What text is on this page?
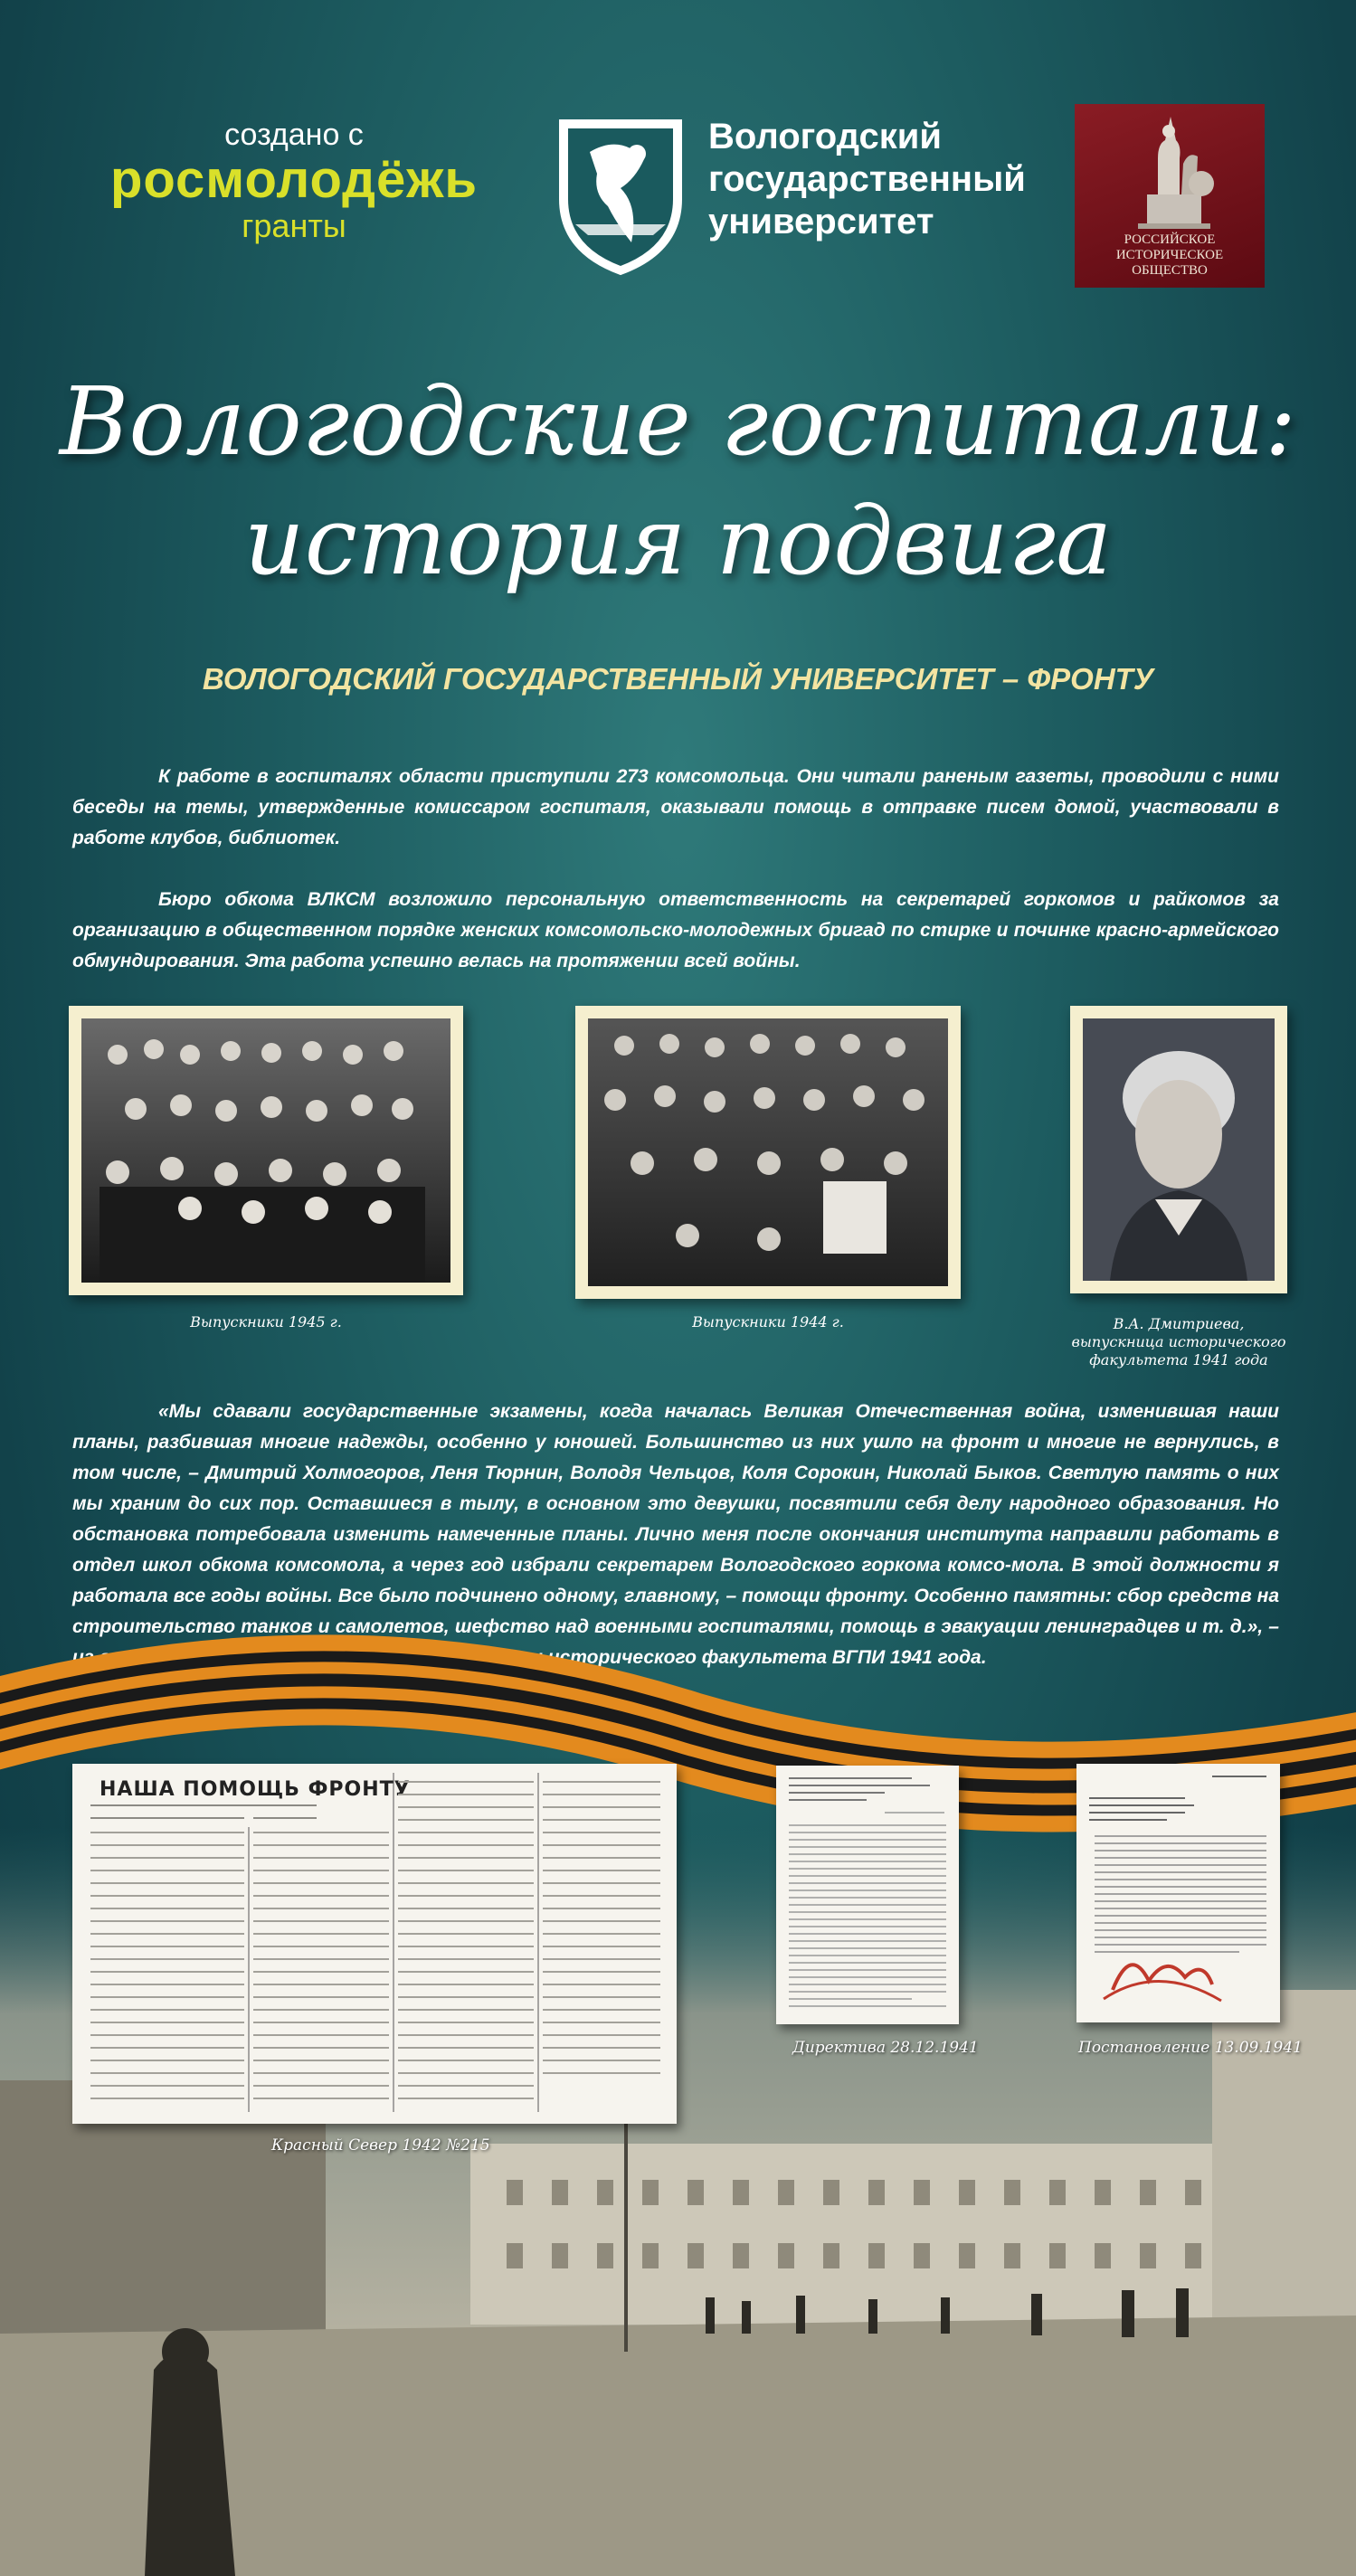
создано с
росмолодёжь
гранты
Вологодский
государственный
университет	РОССИЙСКОЕ
ИСТОРИЧЕСКОЕ
ОБЩЕСТВО
Вологодские госпитали:
история подвига
ВОЛОГОДСКИЙ ГОСУДАРСТВЕННЫЙ УНИВЕРСИТЕТ – ФРОНТУ

К работе в госпиталях области приступили 273 комсомольца. Они читали раненым газеты, проводили с ними беседы на темы, утвержденные комиссаром госпиталя, оказывали помощь в отправке писем домой, участвовали в работе клубов, библиотек.

Бюро обкома ВЛКСМ возложило персональную ответственность на секретарей горкомов и райкомов за организацию в общественном порядке женских комсомольско-молодежных бригад по стирке и починке красно-армейского обмундирования. Эта работа успешно велась на протяжении всей войны.

Выпускники 1945 г.	Выпускники 1944 г.	В.А. Дмитриева,
выпускница исторического
факультета 1941 года

«Мы сдавали государственные экзамены, когда началась Великая Отечественная война, изменившая наши планы, разбившая многие надежды, особенно у юношей. Большинство из них ушло на фронт и многие не вернулись, в том числе, – Дмитрий Холмогоров, Леня Тюрнин, Володя Чельцов, Коля Сорокин, Николай Быков. Светлую память о них мы храним до сих пор. Оставшиеся в тылу, в основном это девушки, посвятили себя делу народного образования. Но обстановка потребовала изменить намеченные планы. Лично меня после окончания института направили работать в отдел школ обкома комсомола, а через год избрали секретарем Вологодского горкома комсо-мола. В этой должности я работала все годы войны. Все было подчинено одному, главному, – помощи фронту. Особенно памятны: сбор средств на строительство танков и самолетов, шефство над военными госпиталями, помощь в эвакуации ленинградцев и т. д.», – из воспоминаний В.А. Дмитриевой, выпускницы исторического факультета ВГПИ 1941 года.

НАША ПОМОЩЬ ФРОНТУ
Красный Север 1942 №215
Директива 28.12.1941	Постановление 13.09.1941
